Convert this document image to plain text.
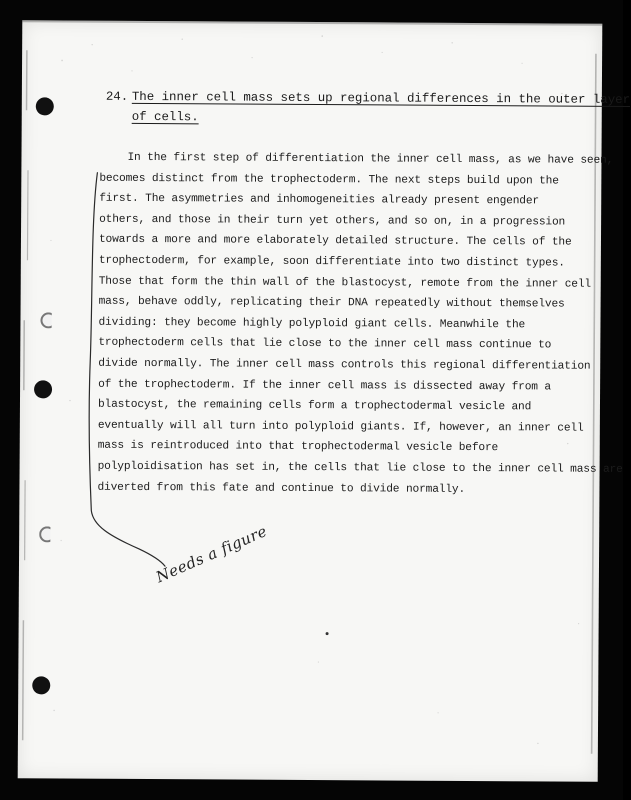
24. The inner cell mass sets up regional differences in the outer layer
of cells.
In the first step of differentiation the inner cell mass, as we have seen,
becomes distinct from the trophectoderm. The next steps build upon the
first. The asymmetries and inhomogeneities already present engender
others, and those in their turn yet others, and so on, in a progression
towards a more and more elaborately detailed structure. The cells of the
trophectoderm, for example, soon differentiate into two distinct types.
Those that form the thin wall of the blastocyst, remote from the inner cell
mass, behave oddly, replicating their DNA repeatedly without themselves
dividing: they become highly polyploid giant cells. Meanwhile the
trophectoderm cells that lie close to the inner cell mass continue to
divide normally. The inner cell mass controls this regional differentiation
of the trophectoderm. If the inner cell mass is dissected away from a
blastocyst, the remaining cells form a trophectodermal vesicle and
eventually will all turn into polyploid giants. If, however, an inner cell
mass is reintroduced into that trophectodermal vesicle before
polyploidisation has set in, the cells that lie close to the inner cell mass are
diverted from this fate and continue to divide normally.
Needs a figure
